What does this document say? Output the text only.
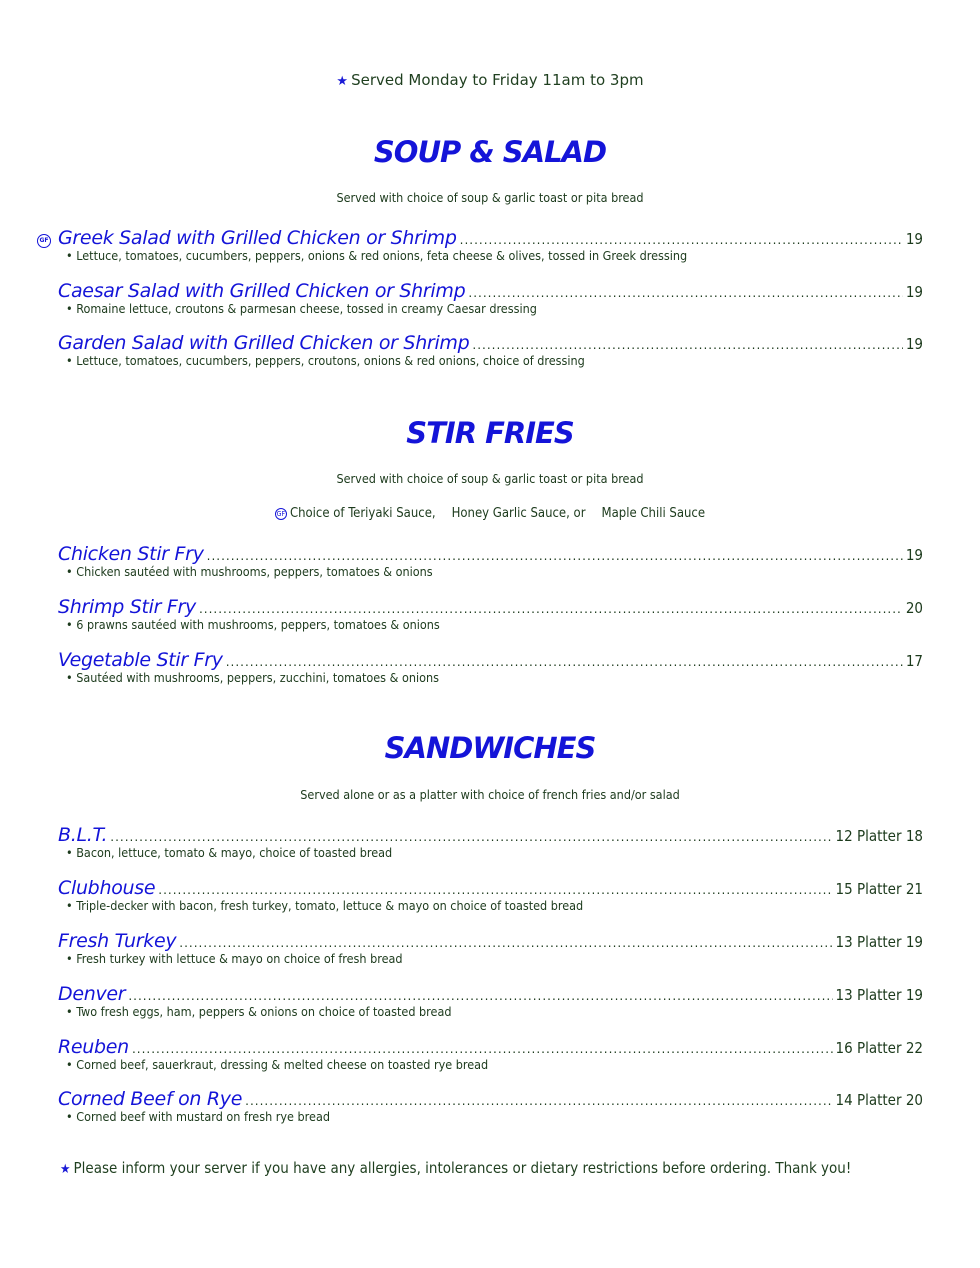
★ Served Monday to Friday 11am to 3pm
SOUP & SALAD
Served with choice of soup & garlic toast or pita bread
GF Greek Salad with Grilled Chicken or Shrimp .....	19
• Lettuce, tomatoes, cucumbers, peppers, onions & red onions, feta cheese & olives, tossed in Greek dressing
Caesar Salad with Grilled Chicken or Shrimp .....	19
• Romaine lettuce, croutons & parmesan cheese, tossed in creamy Caesar dressing
Garden Salad with Grilled Chicken or Shrimp .....	19
• Lettuce, tomatoes, cucumbers, peppers, croutons, onions & red onions, choice of dressing
STIR FRIES
Served with choice of soup & garlic toast or pita bread
GF Choice of Teriyaki Sauce, Honey Garlic Sauce, or Maple Chili Sauce
Chicken Stir Fry .....	19
• Chicken sautéed with mushrooms, peppers, tomatoes & onions
Shrimp Stir Fry .....	20
• 6 prawns sautéed with mushrooms, peppers, tomatoes & onions
Vegetable Stir Fry .....	17
• Sautéed with mushrooms, peppers, zucchini, tomatoes & onions
SANDWICHES
Served alone or as a platter with choice of french fries and/or salad
B.L.T. .....	12 Platter 18
• Bacon, lettuce, tomato & mayo, choice of toasted bread
Clubhouse .....	15 Platter 21
• Triple-decker with bacon, fresh turkey, tomato, lettuce & mayo on choice of toasted bread
Fresh Turkey .....	13 Platter 19
• Fresh turkey with lettuce & mayo on choice of fresh bread
Denver .....	13 Platter 19
• Two fresh eggs, ham, peppers & onions on choice of toasted bread
Reuben .....	16 Platter 22
• Corned beef, sauerkraut, dressing & melted cheese on toasted rye bread
Corned Beef on Rye .....	14 Platter 20
• Corned beef with mustard on fresh rye bread
★ Please inform your server if you have any allergies, intolerances or dietary restrictions before ordering. Thank you!
